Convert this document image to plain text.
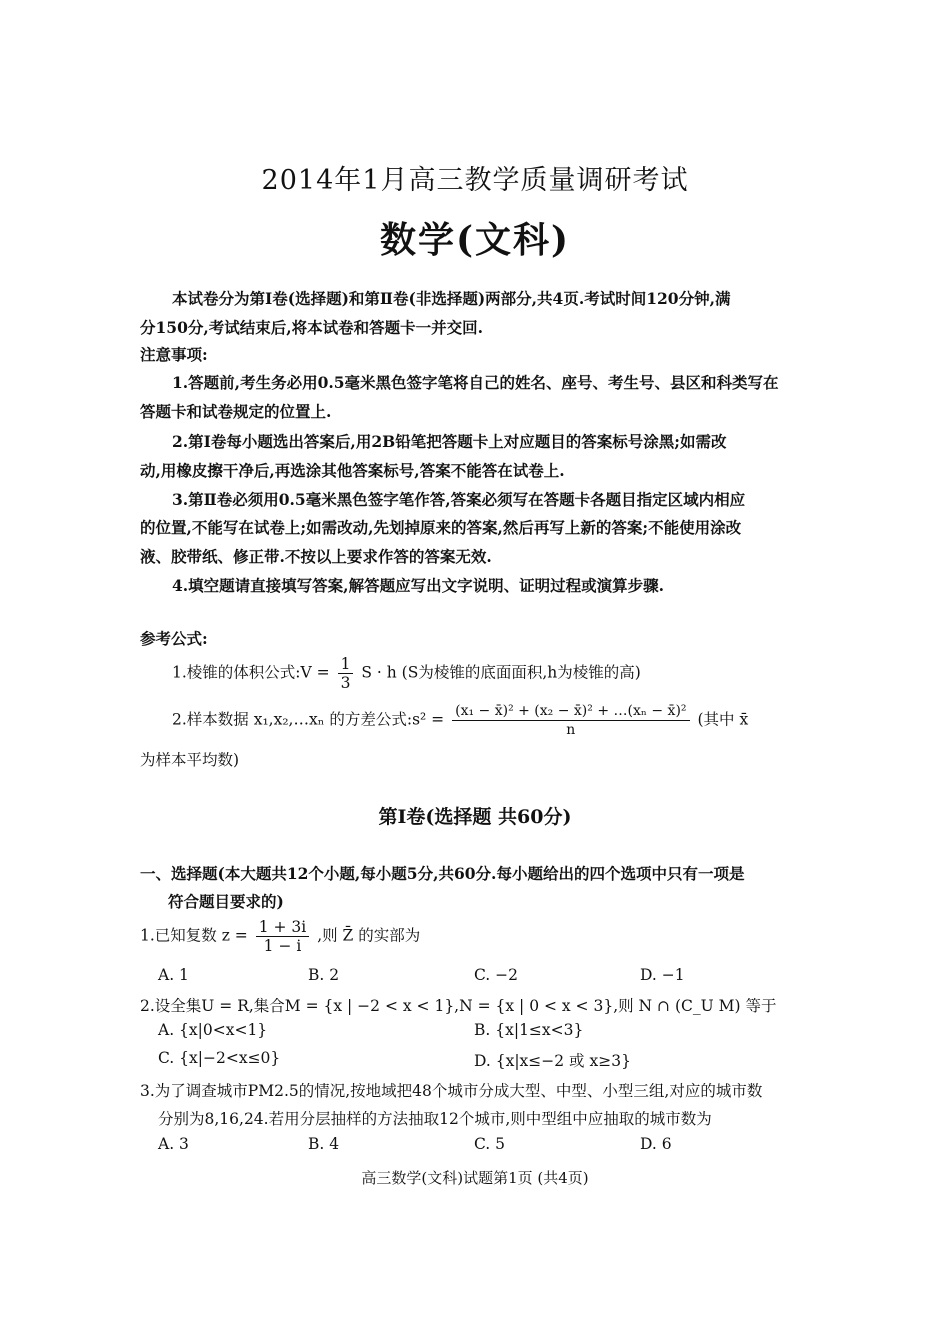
2014年1月高三教学质量调研考试
数学(文科)
本试卷分为第Ⅰ卷(选择题)和第Ⅱ卷(非选择题)两部分,共4页.考试时间120分钟,满
分150分,考试结束后,将本试卷和答题卡一并交回.
注意事项:
1.答题前,考生务必用0.5毫米黑色签字笔将自己的姓名、座号、考生号、县区和科类写在
答题卡和试卷规定的位置上.
2.第Ⅰ卷每小题选出答案后,用2B铅笔把答题卡上对应题目的答案标号涂黑;如需改
动,用橡皮擦干净后,再选涂其他答案标号,答案不能答在试卷上.
3.第Ⅱ卷必须用0.5毫米黑色签字笔作答,答案必须写在答题卡各题目指定区域内相应
的位置,不能写在试卷上;如需改动,先划掉原来的答案,然后再写上新的答案;不能使用涂改
液、胶带纸、修正带.不按以上要求作答的答案无效.
4.填空题请直接填写答案,解答题应写出文字说明、证明过程或演算步骤.
参考公式:
1.棱锥的体积公式:V = $\frac{1}{3}$ S · h (S为棱锥的底面面积,h为棱锥的高)
2.样本数据 x₁,x₂,…xₙ 的方差公式:s² = $\frac{\text{(x₁ − x̄)² + (x₂ − x̄)² + …(xₙ − x̄)²}}{n}$ (其中 x̄
为样本平均数)
第Ⅰ卷(选择题 共60分)
一、选择题(本大题共12个小题,每小题5分,共60分.每小题给出的四个选项中只有一项是
符合题目要求的)
1.已知复数 $z = \frac{1 + 3i}{1 - i}$ ,则 Z̄ 的实部为
A. 1	B. 2	C. −2	D. −1
2.设全集U = R,集合M = {x | −2 < x < 1},N = {x | 0 < x < 3},则 N ∩ (C_U M) 等于
A. {x|0<x<1}	B. {x|1≤x<3}
C. {x|−2<x≤0}	D. {x|x≤−2 或 x≥3}
3.为了调查城市PM2.5的情况,按地域把48个城市分成大型、中型、小型三组,对应的城市数
分别为8,16,24.若用分层抽样的方法抽取12个城市,则中型组中应抽取的城市数为
A. 3	B. 4	C. 5	D. 6
高三数学(文科)试题第1页 (共4页)
